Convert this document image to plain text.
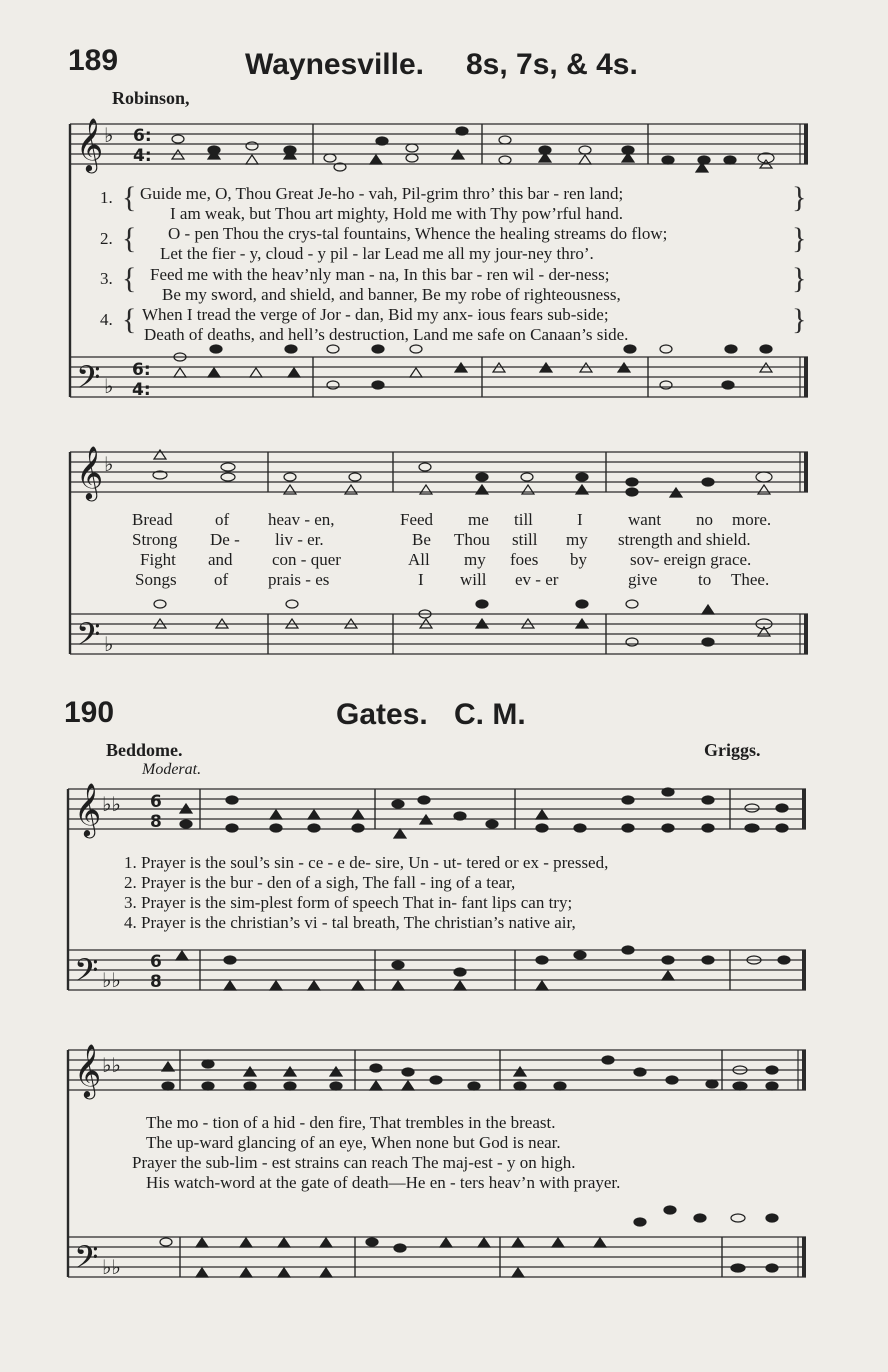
189	Waynesville. 8s, 7s, & 4s.
Robinson,
𝄞
𝄢
𝄞
𝄢
𝄞
𝄢
𝄞
𝄢
♭
♭
♭
♭
♭♭
♭♭
♭♭
♭♭
6:
4:
6:
4:
6
8
6
8
1.
2.
3.
4.
{
{
{
{
}
}
}
}
Guide me, O, Thou Great Je-ho - vah, Pil-grim thro’ this bar - ren land;
I am weak, but Thou art mighty, Hold me with Thy pow’rful hand.
O - pen Thou the crys-tal fountains, Whence the healing streams do flow;
Let the fier - y, cloud - y pil - lar Lead me all my jour-ney thro’.
Feed me with the heav’nly man - na, In this bar - ren wil - der-ness;
Be my sword, and shield, and banner, Be my robe of righteousness,
When I tread the verge of Jor - dan, Bid my anx- ious fears sub-side;
Death of deaths, and hell’s destruction, Land me safe on Canaan’s side.
Bread of heav - en,	Feed me till	I	want no more.
Strong De - liv - er.	Be Thou still my strength and shield.
Fight and con - quer	All my foes by	sov- ereign grace.
Songs of prais - es	I will ev - er	give to Thee.
190	Gates. C. M.
Beddome.	Griggs.
Moderat.
1. Prayer is the soul’s sin - ce - e de- sire, Un - ut- tered or ex - pressed,
2. Prayer is the bur - den of a sigh, The fall - ing of a tear,
3. Prayer is the sim-plest form of speech That in- fant lips can try;
4. Prayer is the christian’s vi - tal breath, The christian’s native air,
The mo - tion of a hid - den fire, That trembles in the breast.
The up-ward glancing of an eye, When none but God is near.
Prayer the sub-lim - est strains can reach The maj-est - y on high.
His watch-word at the gate of death—He en - ters heav’n with prayer.
